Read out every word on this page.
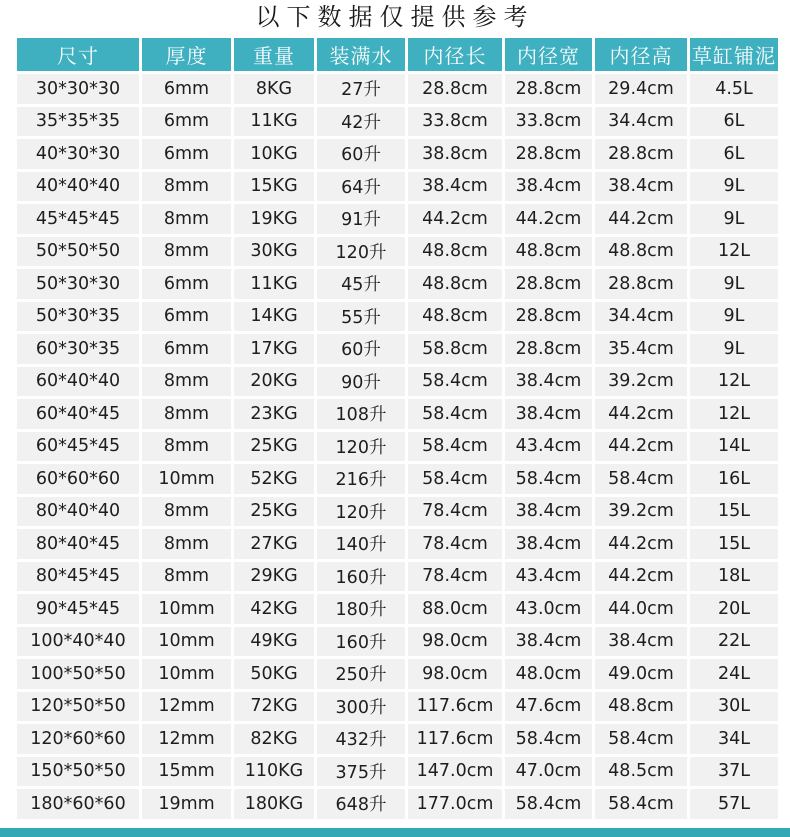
以下数据仅提供参考
尺寸	厚度	重量	装满水	内径长	内径宽	内径高	草缸铺泥
30*30*30	6mm	8KG	27升	28.8cm	28.8cm	29.4cm	4.5L
35*35*35	6mm	11KG	42升	33.8cm	33.8cm	34.4cm	6L
40*30*30	6mm	10KG	60升	38.8cm	28.8cm	28.8cm	6L
40*40*40	8mm	15KG	64升	38.4cm	38.4cm	38.4cm	9L
45*45*45	8mm	19KG	91升	44.2cm	44.2cm	44.2cm	9L
50*50*50	8mm	30KG	120升	48.8cm	48.8cm	48.8cm	12L
50*30*30	6mm	11KG	45升	48.8cm	28.8cm	28.8cm	9L
50*30*35	6mm	14KG	55升	48.8cm	28.8cm	34.4cm	9L
60*30*35	6mm	17KG	60升	58.8cm	28.8cm	35.4cm	9L
60*40*40	8mm	20KG	90升	58.4cm	38.4cm	39.2cm	12L
60*40*45	8mm	23KG	108升	58.4cm	38.4cm	44.2cm	12L
60*45*45	8mm	25KG	120升	58.4cm	43.4cm	44.2cm	14L
60*60*60	10mm	52KG	216升	58.4cm	58.4cm	58.4cm	16L
80*40*40	8mm	25KG	120升	78.4cm	38.4cm	39.2cm	15L
80*40*45	8mm	27KG	140升	78.4cm	38.4cm	44.2cm	15L
80*45*45	8mm	29KG	160升	78.4cm	43.4cm	44.2cm	18L
90*45*45	10mm	42KG	180升	88.0cm	43.0cm	44.0cm	20L
100*40*40	10mm	49KG	160升	98.0cm	38.4cm	38.4cm	22L
100*50*50	10mm	50KG	250升	98.0cm	48.0cm	49.0cm	24L
120*50*50	12mm	72KG	300升	117.6cm	47.6cm	48.8cm	30L
120*60*60	12mm	82KG	432升	117.6cm	58.4cm	58.4cm	34L
150*50*50	15mm	110KG	375升	147.0cm	47.0cm	48.5cm	37L
180*60*60	19mm	180KG	648升	177.0cm	58.4cm	58.4cm	57L
